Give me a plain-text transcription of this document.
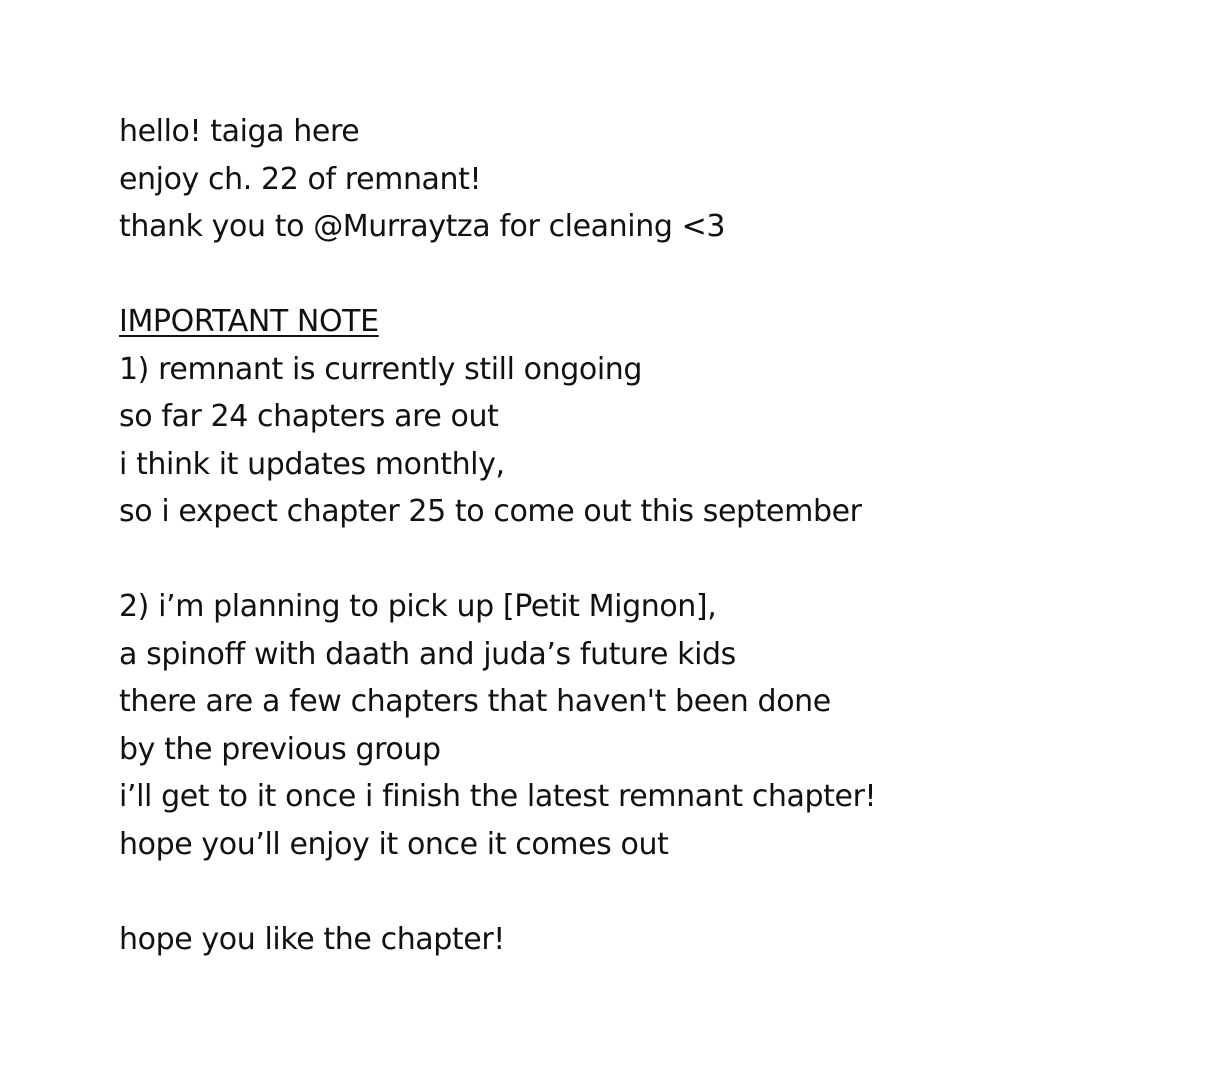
hello! taiga here
enjoy ch. 22 of remnant!
thank you to @Murraytza for cleaning <3
IMPORTANT NOTE
1) remnant is currently still ongoing
so far 24 chapters are out
i think it updates monthly,
so i expect chapter 25 to come out this september
2) i’m planning to pick up [Petit Mignon],
a spinoff with daath and juda’s future kids
there are a few chapters that haven't been done
by the previous group
i’ll get to it once i finish the latest remnant chapter!
hope you’ll enjoy it once it comes out
hope you like the chapter!
